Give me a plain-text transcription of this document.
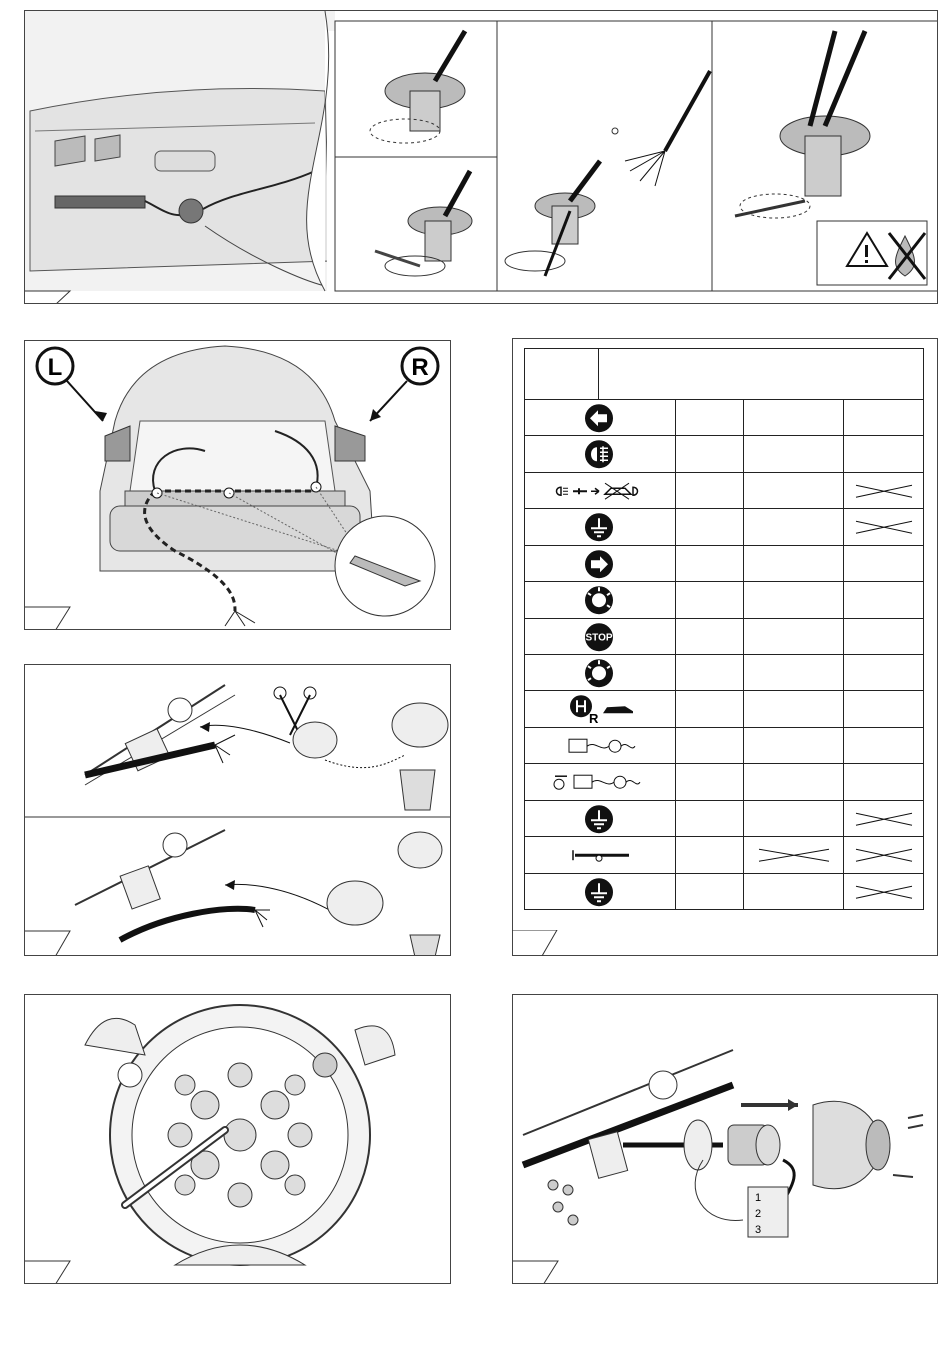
L	R
STOP
R
1
2
3
